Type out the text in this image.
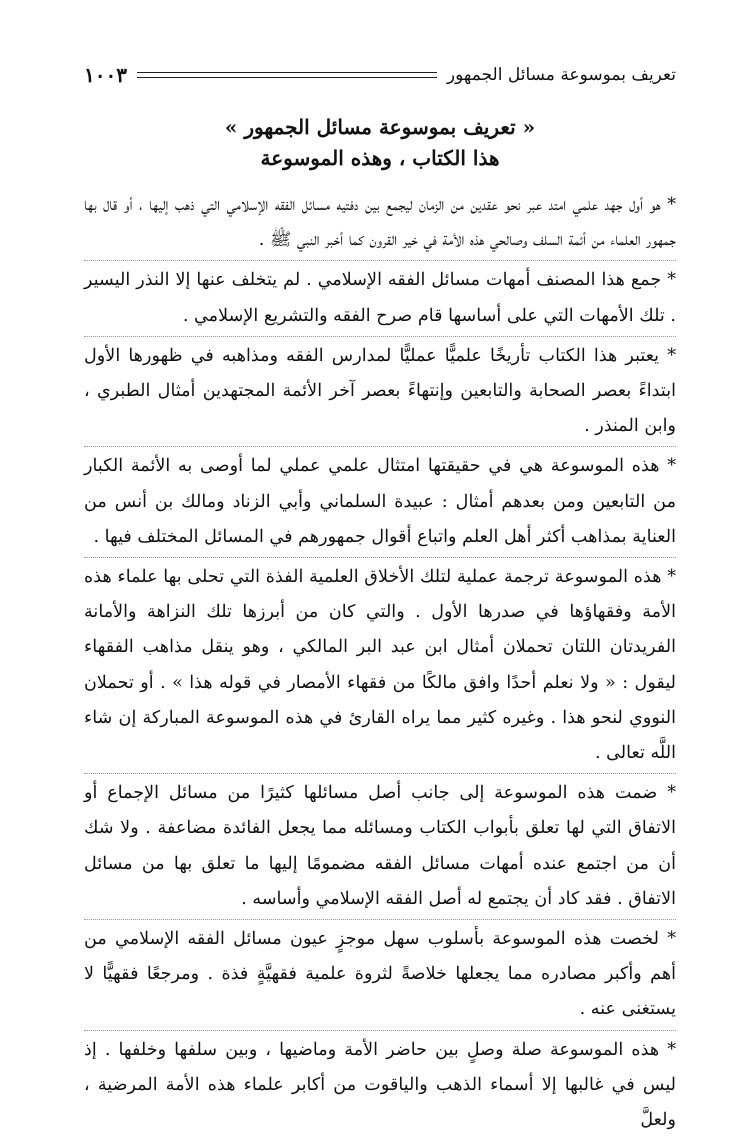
تعريف بموسوعة مسائل الجمهور
١٠٠٣
« تعريف بموسوعة مسائل الجمهور »
هذا الكتاب ، وهذه الموسوعة

* هو أول جهد علمي امتد عبر نحو عقدين من الزمان ليجمع بين دفتيه مسائل الفقه الإسلامي التي ذهب إليها ، أو قال بها جمهور العلماء من أئمة السلف وصالحي هذه الأمة في خير القرون كما أخبر النبي ﷺ .

* جمع هذا المصنف أمهات مسائل الفقه الإسلامي . لم يتخلف عنها إلا النذر اليسير . تلك الأمهات التي على أساسها قام صرح الفقه والتشريع الإسلامي .

* يعتبر هذا الكتاب تأريخًا علميًّا عمليًّا لمدارس الفقه ومذاهبه في ظهورها الأول ابتداءً بعصر الصحابة والتابعين وإنتهاءً بعصر آخر الأئمة المجتهدين أمثال الطبري ، وابن المنذر .

* هذه الموسوعة هي في حقيقتها امتثال علمي عملي لما أوصى به الأئمة الكبار من التابعين ومن بعدهم أمثال : عبيدة السلماني وأبي الزناد ومالك بن أنس من العناية بمذاهب أكثر أهل العلم واتباع أقوال جمهورهم في المسائل المختلف فيها .

* هذه الموسوعة ترجمة عملية لتلك الأخلاق العلمية الفذة التي تحلى بها علماء هذه الأمة وفقهاؤها في صدرها الأول . والتي كان من أبرزها تلك النزاهة والأمانة الفريدتان اللتان تحملان أمثال ابن عبد البر المالكي ، وهو ينقل مذاهب الفقهاء ليقول : « ولا نعلم أحدًا وافق مالكًا من فقهاء الأمصار في قوله هذا » . أو تحملان النووي لنحو هذا . وغيره كثير مما يراه القارئ في هذه الموسوعة المباركة إن شاء اللَّه تعالى .

* ضمت هذه الموسوعة إلى جانب أصل مسائلها كثيرًا من مسائل الإجماع أو الاتفاق التي لها تعلق بأبواب الكتاب ومسائله مما يجعل الفائدة مضاعفة . ولا شك أن من اجتمع عنده أمهات مسائل الفقه مضمومًا إليها ما تعلق بها من مسائل الاتفاق . فقد كاد أن يجتمع له أصل الفقه الإسلامي وأساسه .

* لخصت هذه الموسوعة بأسلوب سهل موجزٍ عيون مسائل الفقه الإسلامي من أهم وأكبر مصادره مما يجعلها خلاصةً لثروة علمية فقهيَّةٍ فذة . ومرجعًا فقهيًّا لا يستغنى عنه .

* هذه الموسوعة صلة وصلٍ بين حاضر الأمة وماضيها ، وبين سلفها وخلفها . إذ ليس في غالبها إلا أسماء الذهب والياقوت من أكابر علماء هذه الأمة المرضية ، ولعلَّ
